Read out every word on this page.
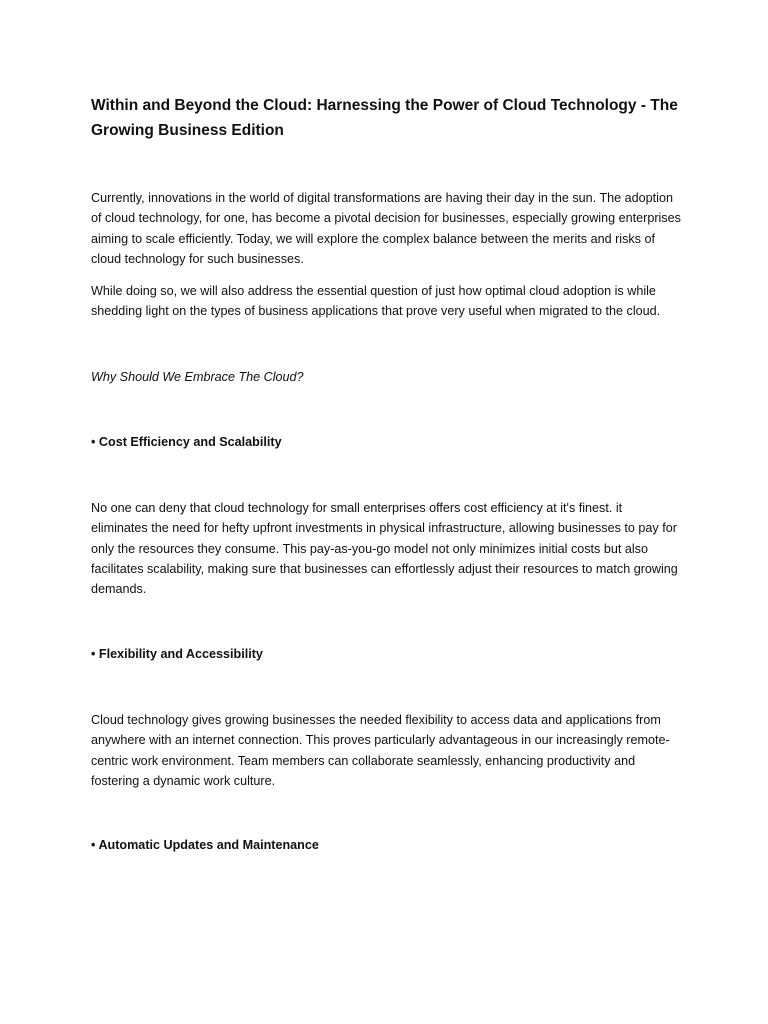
Within and Beyond the Cloud: Harnessing the Power of Cloud Technology - The Growing Business Edition

Currently, innovations in the world of digital transformations are having their day in the sun. The adoption of cloud technology, for one, has become a pivotal decision for businesses, especially growing enterprises aiming to scale efficiently. Today, we will explore the complex balance between the merits and risks of cloud technology for such businesses.

While doing so, we will also address the essential question of just how optimal cloud adoption is while shedding light on the types of business applications that prove very useful when migrated to the cloud.

Why Should We Embrace The Cloud?

• Cost Efficiency and Scalability

No one can deny that cloud technology for small enterprises offers cost efficiency at it's finest. it eliminates the need for hefty upfront investments in physical infrastructure, allowing businesses to pay for only the resources they consume. This pay-as-you-go model not only minimizes initial costs but also facilitates scalability, making sure that businesses can effortlessly adjust their resources to match growing demands.

• Flexibility and Accessibility

Cloud technology gives growing businesses the needed flexibility to access data and applications from anywhere with an internet connection. This proves particularly advantageous in our increasingly remote-centric work environment. Team members can collaborate seamlessly, enhancing productivity and fostering a dynamic work culture.

• Automatic Updates and Maintenance
